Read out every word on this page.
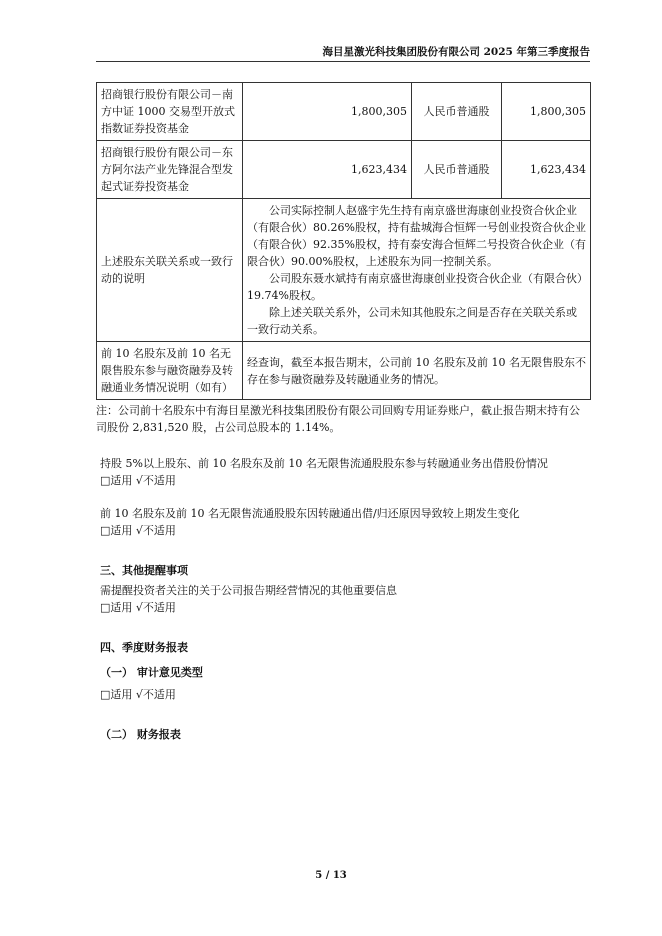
海目星激光科技集团股份有限公司 2025 年第三季度报告
招商银行股份有限公司－南方中证 1000 交易型开放式指数证券投资基金	1,800,305	人民币普通股	1,800,305
招商银行股份有限公司－东方阿尔法产业先锋混合型发起式证券投资基金	1,623,434	人民币普通股	1,623,434
上述股东关联关系或一致行动的说明	公司实际控制人赵盛宇先生持有南京盛世海康创业投资合伙企业（有限合伙）80.26%股权，持有盐城海合恒辉一号创业投资合伙企业（有限合伙）92.35%股权，持有泰安海合恒辉二号投资合伙企业（有限合伙）90.00%股权，上述股东为同一控制关系。

公司股东聂水斌持有南京盛世海康创业投资合伙企业（有限合伙）19.74%股权。

除上述关联关系外，公司未知其他股东之间是否存在关联关系或一致行动关系。		

前 10 名股东及前 10 名无限售股东参与融资融券及转融通业务情况说明（如有）	经查询，截至本报告期末，公司前 10 名股东及前 10 名无限售股东不存在参与融资融券及转融通业务的情况。		
注：公司前十名股东中有海目星激光科技集团股份有限公司回购专用证券账户，截止报告期末持有公司股份 2,831,520 股，占公司总股本的 1.14%。
持股 5%以上股东、前 10 名股东及前 10 名无限售流通股股东参与转融通业务出借股份情况
□适用 √不适用
前 10 名股东及前 10 名无限售流通股股东因转融通出借/归还原因导致较上期发生变化
□适用 √不适用
三、其他提醒事项
需提醒投资者关注的关于公司报告期经营情况的其他重要信息
□适用 √不适用
四、季度财务报表
（一） 审计意见类型
□适用 √不适用
（二） 财务报表
5 / 13
